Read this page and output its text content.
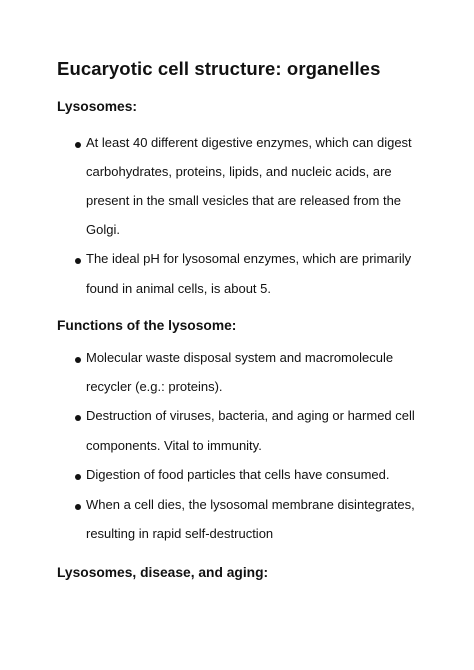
Eucaryotic cell structure: organelles
Lysosomes:
At least 40 different digestive enzymes, which can digest
carbohydrates, proteins, lipids, and nucleic acids, are
present in the small vesicles that are released from the
Golgi.
The ideal pH for lysosomal enzymes, which are primarily
found in animal cells, is about 5.
Functions of the lysosome:
Molecular waste disposal system and macromolecule
recycler (e.g.: proteins).
Destruction of viruses, bacteria, and aging or harmed cell
components. Vital to immunity.
Digestion of food particles that cells have consumed.
When a cell dies, the lysosomal membrane disintegrates,
resulting in rapid self-destruction
Lysosomes, disease, and aging:
